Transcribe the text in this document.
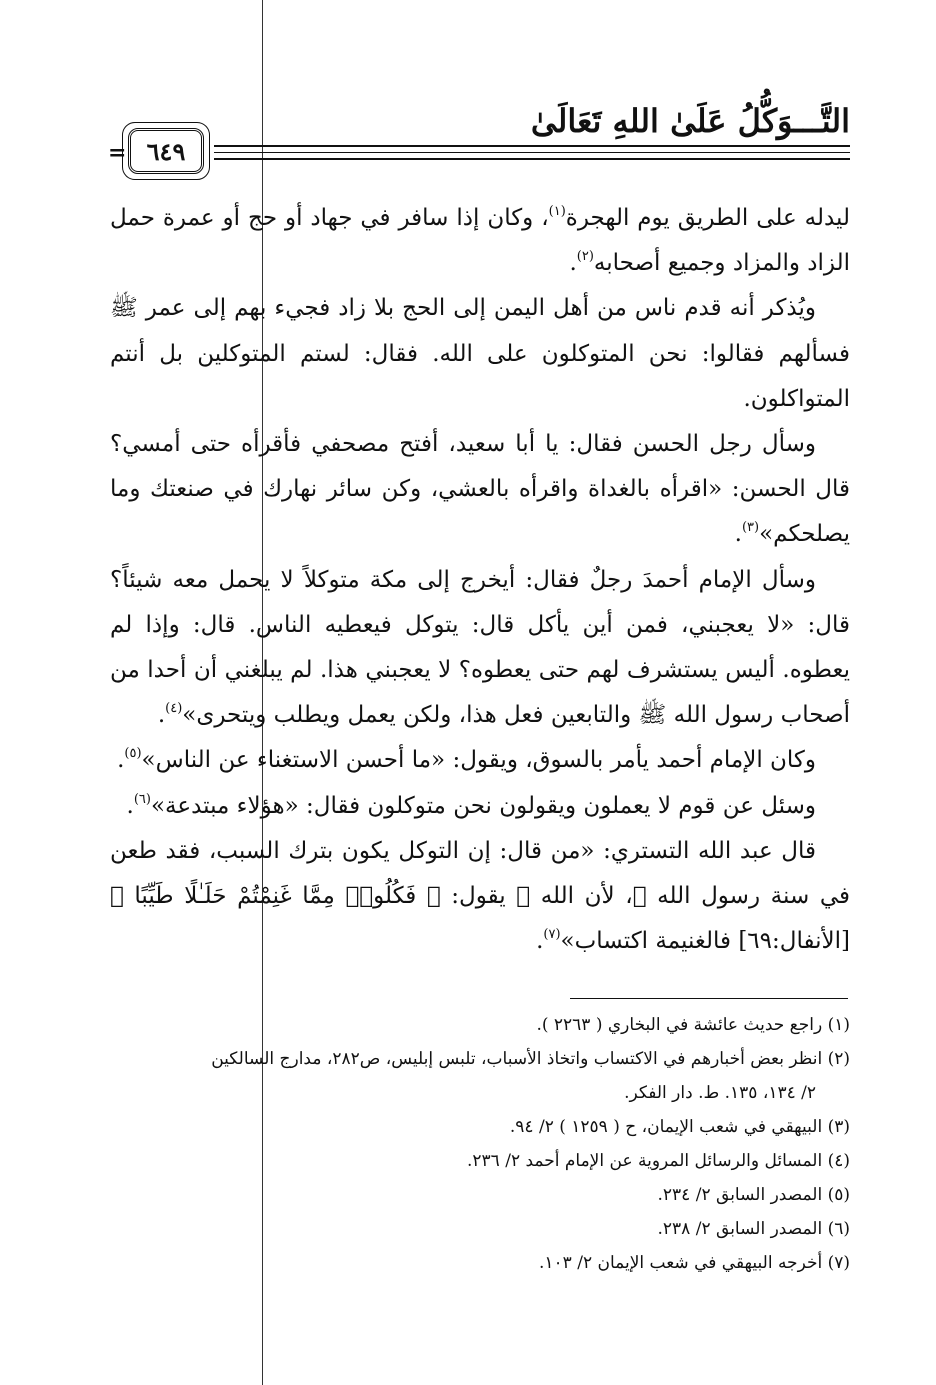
التَّـــوَكُّلُ عَلَىٰ اللهِ تَعَالَىٰ
= ٦٤٩

ليدله على الطريق يوم الهجرة$^{(١)}$، وكان إذا سافر في جهاد أو حج أو عمرة حمل الزاد والمزاد وجميع أصحابه$^{(٢)}$.

ويُذكر أنه قدم ناس من أهل اليمن إلى الحج بلا زاد فجيء بهم إلى عمر ﷺ فسألهم فقالوا: نحن المتوكلون على الله. فقال: لستم المتوكلين بل أنتم المتواكلون.

وسأل رجل الحسن فقال: يا أبا سعيد، أفتح مصحفي فأقرأه حتى أمسي؟ قال الحسن: «اقرأه بالغداة واقرأه بالعشي، وكن سائر نهارك في صنعتك وما يصلحكم»$^{(٣)}$.

وسأل الإمام أحمدَ رجلٌ فقال: أيخرج إلى مكة متوكلاً لا يحمل معه شيئاً؟ قال: «لا يعجبني، فمن أين يأكل قال: يتوكل فيعطيه الناس. قال: وإذا لم يعطوه. أليس يستشرف لهم حتى يعطوه؟ لا يعجبني هذا. لم يبلغني أن أحدا من أصحاب رسول الله ﷺ والتابعين فعل هذا، ولكن يعمل ويطلب ويتحرى»$^{(٤)}$.

وكان الإمام أحمد يأمر بالسوق، ويقول: «ما أحسن الاستغناء عن الناس»$^{(٥)}$.

وسئل عن قوم لا يعملون ويقولون نحن متوكلون فقال: «هؤلاء مبتدعة»$^{(٦)}$.

قال عبد الله التستري: «من قال: إن التوكل يكون بترك السبب، فقد طعن في سنة رسول الله ﷺ، لأن الله ﷻ يقول: ﴿ فَكُلُوا۟ مِمَّا غَنِمْتُمْ حَلَـٰلًا طَيِّبًا ﴾ [الأنفال:٦٩] فالغنيمة اكتساب»$^{(٧)}$.

(١) راجع حديث عائشة في البخاري ( ٢٢٦٣ ).

(٢) انظر بعض أخبارهم في الاكتساب واتخاذ الأسباب، تلبس إبليس، ص٢٨٢، مدارج السالكين

٢/ ١٣٤، ١٣٥. ط. دار الفكر.

(٣) البيهقي في شعب الإيمان، ح ( ١٢٥٩ ) ٢/ ٩٤.

(٤) المسائل والرسائل المروية عن الإمام أحمد ٢/ ٢٣٦.

(٥) المصدر السابق ٢/ ٢٣٤.

(٦) المصدر السابق ٢/ ٢٣٨.

(٧) أخرجه البيهقي في شعب الإيمان ٢/ ١٠٣.
